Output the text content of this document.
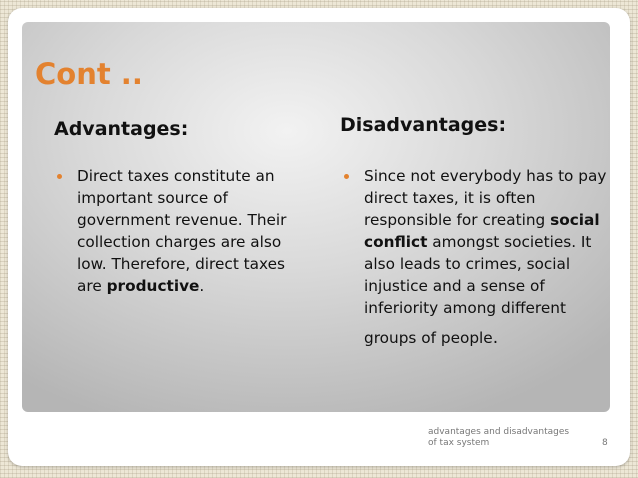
Cont ..
Advantages:	Disadvantages:
Direct taxes constitute an important source of government revenue. Their collection charges are also low. Therefore, direct taxes are productive.
Since not everybody has to pay direct taxes, it is often responsible for creating social conflict amongst societies. It also leads to crimes, social injustice and a sense of inferiority among different groups of people.
advantages and disadvantages
of tax system	8
